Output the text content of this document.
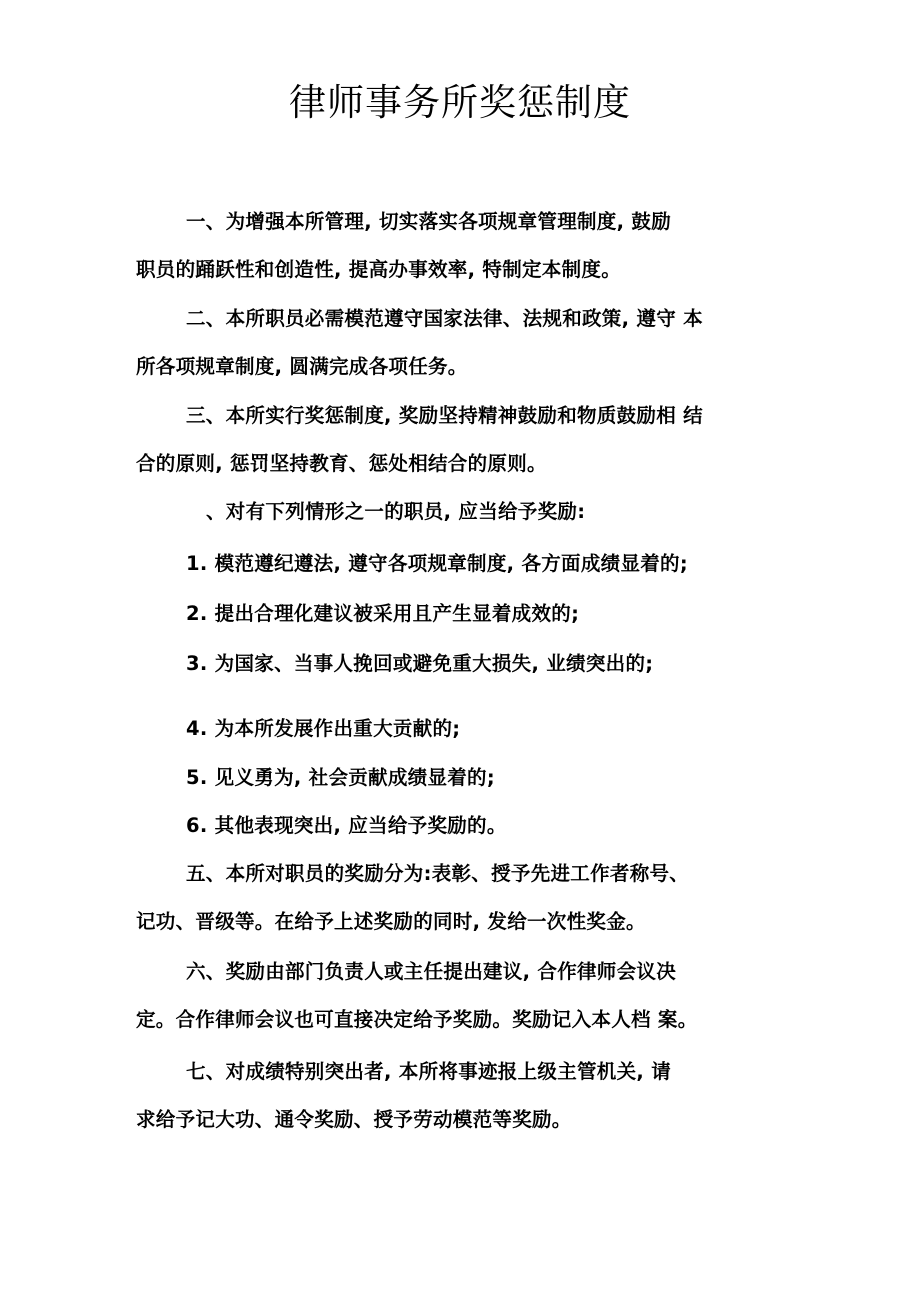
律师事务所奖惩制度
一、为增强本所管理, 切实落实各项规章管理制度, 鼓励
职员的踊跃性和创造性, 提高办事效率, 特制定本制度。
二、本所职员必需模范遵守国家法律、法规和政策, 遵守 本
所各项规章制度, 圆满完成各项任务。
三、本所实行奖惩制度, 奖励坚持精神鼓励和物质鼓励相 结
合的原则, 惩罚坚持教育、惩处相结合的原则。
、对有下列情形之一的职员, 应当给予奖励:
1. 模范遵纪遵法, 遵守各项规章制度, 各方面成绩显着的;
2. 提出合理化建议被采用且产生显着成效的;
3. 为国家、当事人挽回或避免重大损失, 业绩突出的;
4. 为本所发展作出重大贡献的;
5. 见义勇为, 社会贡献成绩显着的;
6. 其他表现突出, 应当给予奖励的。
五、本所对职员的奖励分为:表彰、授予先进工作者称号、
记功、晋级等。在给予上述奖励的同时, 发给一次性奖金。
六、奖励由部门负责人或主任提出建议, 合作律师会议决
定。合作律师会议也可直接决定给予奖励。奖励记入本人档 案。
七、对成绩特别突出者, 本所将事迹报上级主管机关, 请
求给予记大功、通令奖励、授予劳动模范等奖励。
